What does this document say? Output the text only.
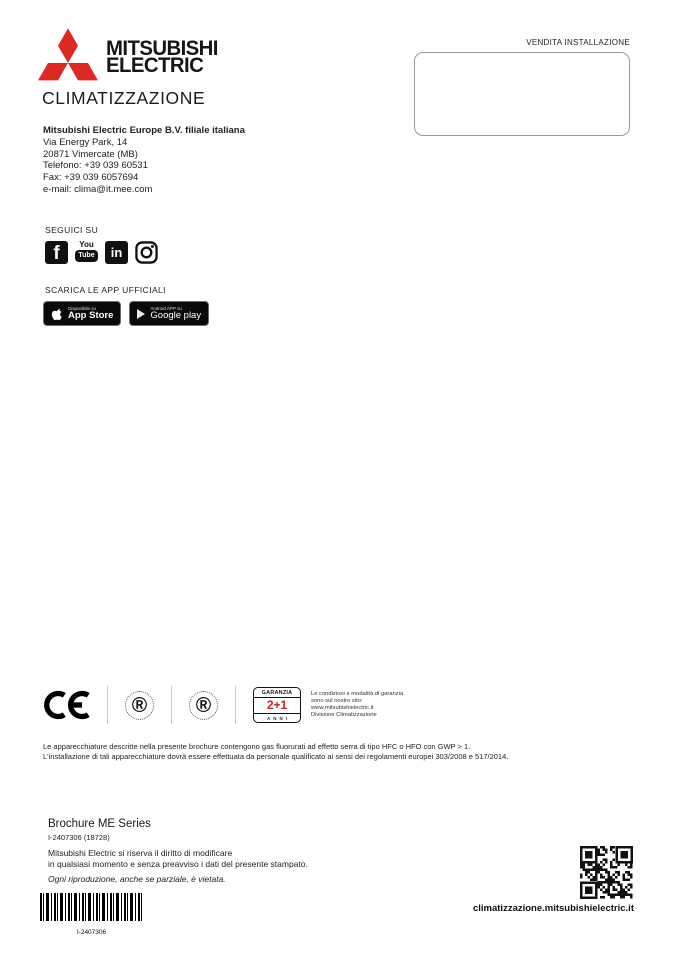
MITSUBISHI
ELECTRIC
CLIMATIZZAZIONE
VENDITA INSTALLAZIONE
Mitsubishi Electric Europe B.V. filiale italiana
Via Energy Park, 14
20871 Vimercate (MB)
Telefono: +39 039 60531
Fax: +39 039 6057694
e-mail: clima@it.mee.com
SEGUICI SU
f You
Tube in
SCARICA LE APP UFFICIALI
Disponibile su
App Store
Android APP su
Google play
® ®
GARANZIA
2+1
ANNI
Le condizioni e modalità di garanzia
sono sul nostro sito:
www.mitsubishielectric.it
Divisione Climatizzazione
Le apparecchiature descritte nella presente brochure contengono gas fluorurati ad effetto serra di tipo HFC o HFO con GWP > 1.
L'installazione di tali apparecchiature dovrà essere effettuata da personale qualificato ai sensi dei regolamenti europei 303/2008 e 517/2014.
Brochure ME Series
I-2407306 (18728)
Mitsubishi Electric si riserva il diritto di modificare
in qualsiasi momento e senza preavviso i dati del presente stampato.
Ogni riproduzione, anche se parziale, è vietata.
I-2407306
climatizzazione.mitsubishielectric.it
